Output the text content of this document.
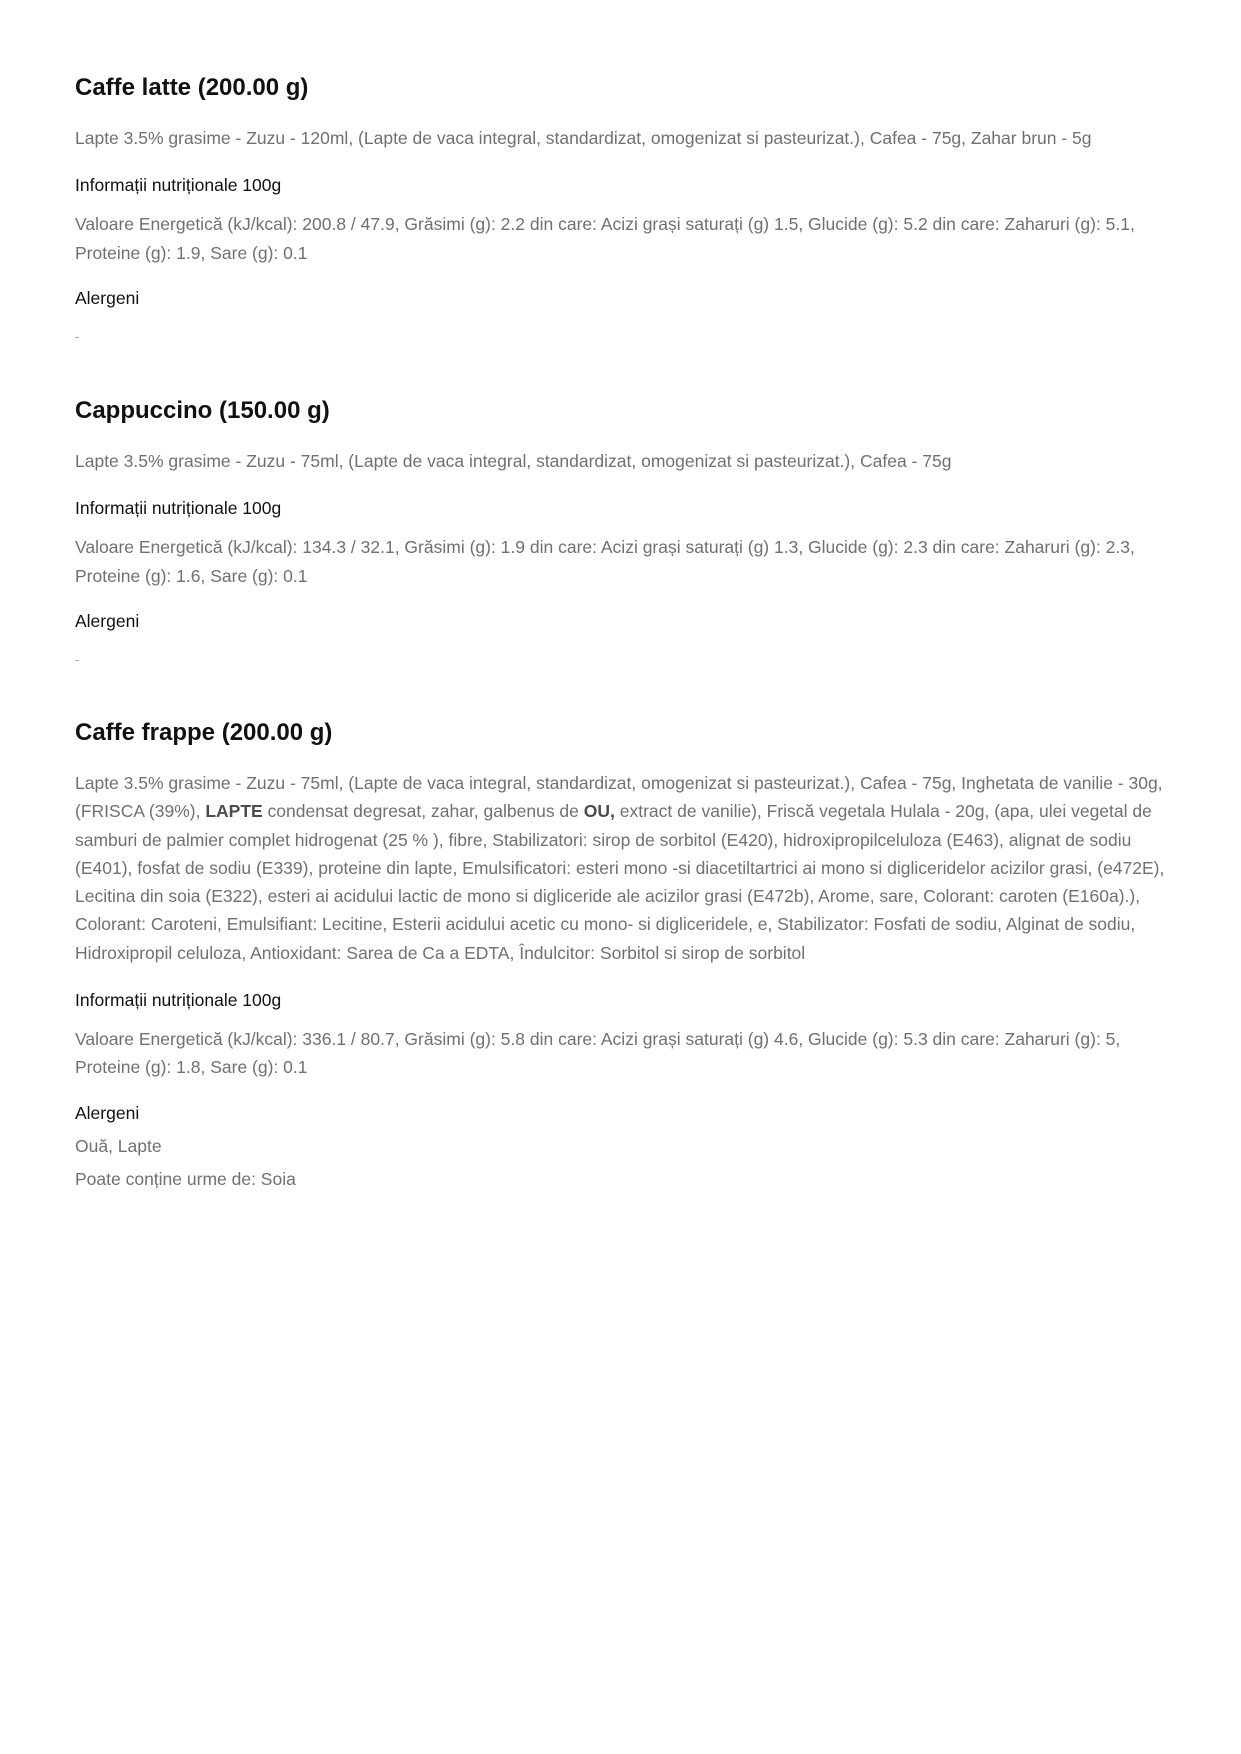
Caffe latte (200.00 g)

Lapte 3.5% grasime - Zuzu - 120ml, (Lapte de vaca integral, standardizat, omogenizat si pasteurizat.), Cafea - 75g, Zahar brun - 5g

Informații nutriționale 100g

Valoare Energetică (kJ/kcal): 200.8 / 47.9, Grăsimi (g): 2.2 din care: Acizi grași saturați (g) 1.5, Glucide (g): 5.2 din care: Zaharuri (g): 5.1, Proteine (g): 1.9, Sare (g): 0.1

Alergeni

-

Cappuccino (150.00 g)

Lapte 3.5% grasime - Zuzu - 75ml, (Lapte de vaca integral, standardizat, omogenizat si pasteurizat.), Cafea - 75g

Informații nutriționale 100g

Valoare Energetică (kJ/kcal): 134.3 / 32.1, Grăsimi (g): 1.9 din care: Acizi grași saturați (g) 1.3, Glucide (g): 2.3 din care: Zaharuri (g): 2.3, Proteine (g): 1.6, Sare (g): 0.1

Alergeni

-

Caffe frappe (200.00 g)

Lapte 3.5% grasime - Zuzu - 75ml, (Lapte de vaca integral, standardizat, omogenizat si pasteurizat.), Cafea - 75g, Inghetata de vanilie - 30g, (FRISCA (39%), LAPTE condensat degresat, zahar, galbenus de OU, extract de vanilie), Friscă vegetala Hulala - 20g, (apa, ulei vegetal de samburi de palmier complet hidrogenat (25 % ), fibre, Stabilizatori: sirop de sorbitol (E420), hidroxipropilceluloza (E463), alignat de sodiu (E401), fosfat de sodiu (E339), proteine din lapte, Emulsificatori: esteri mono -si diacetiltartrici ai mono si digliceridelor acizilor grasi, (e472E), Lecitina din soia (E322), esteri ai acidului lactic de mono si digliceride ale acizilor grasi (E472b), Arome, sare, Colorant: caroten (E160a).), Colorant: Caroteni, Emulsifiant: Lecitine, Esterii acidului acetic cu mono- si digliceridele, e, Stabilizator: Fosfati de sodiu, Alginat de sodiu, Hidroxipropil celuloza, Antioxidant: Sarea de Ca a EDTA, Îndulcitor: Sorbitol si sirop de sorbitol

Informații nutriționale 100g

Valoare Energetică (kJ/kcal): 336.1 / 80.7, Grăsimi (g): 5.8 din care: Acizi grași saturați (g) 4.6, Glucide (g): 5.3 din care: Zaharuri (g): 5, Proteine (g): 1.8, Sare (g): 0.1

Alergeni

Ouă, Lapte

Poate conține urme de: Soia
